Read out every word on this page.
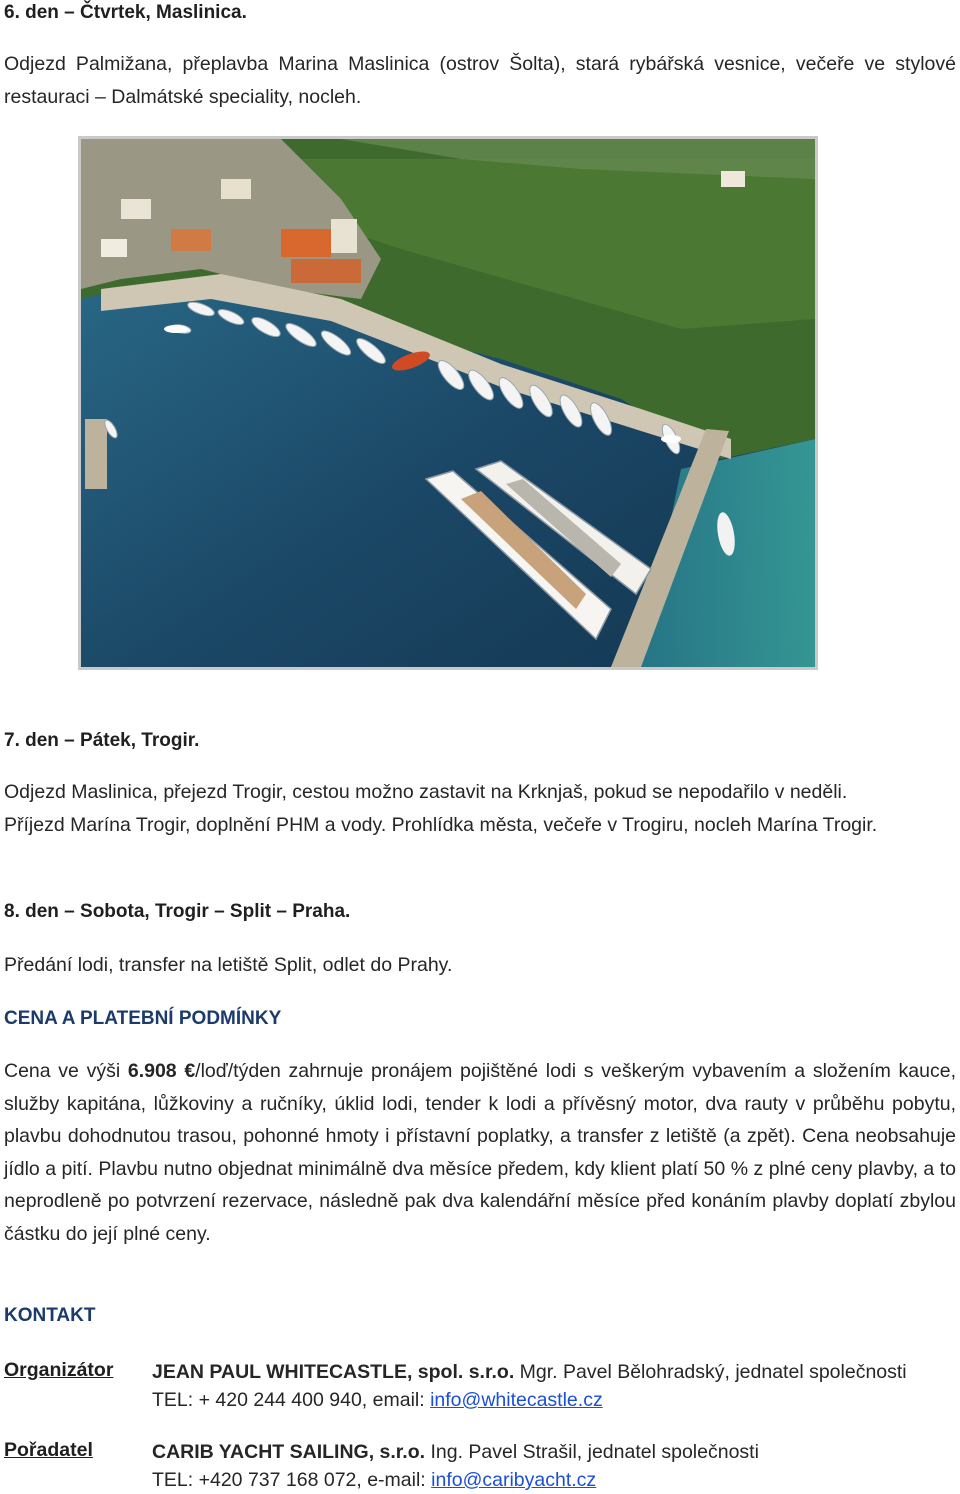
6. den – Čtvrtek, Maslinica.
Odjezd Palmižana, přeplavba Marina Maslinica (ostrov Šolta), stará rybářská vesnice, večeře ve stylové restauraci – Dalmátské speciality, nocleh.
7. den – Pátek, Trogir.
Odjezd Maslinica, přejezd Trogir, cestou možno zastavit na Krknjaš, pokud se nepodařilo v neděli.
Příjezd Marína Trogir, doplnění PHM a vody. Prohlídka města, večeře v Trogiru, nocleh Marína Trogir.
8. den – Sobota, Trogir – Split – Praha.
Předání lodi, transfer na letiště Split, odlet do Prahy.
CENA A PLATEBNÍ PODMÍNKY
Cena ve výši 6.908 €/loď/týden zahrnuje pronájem pojištěné lodi s veškerým vybavením a složením kauce, služby kapitána, lůžkoviny a ručníky, úklid lodi, tender k lodi a přívěsný motor, dva rauty v průběhu pobytu, plavbu dohodnutou trasou, pohonné hmoty i přístavní poplatky, a transfer z letiště (a zpět). Cena neobsahuje jídlo a pití. Plavbu nutno objednat minimálně dva měsíce předem, kdy klient platí 50 % z plné ceny plavby, a to neprodleně po potvrzení rezervace, následně pak dva kalendářní měsíce před konáním plavby doplatí zbylou částku do její plné ceny.
KONTAKT
Organizátor JEAN PAUL WHITECASTLE, spol. s.r.o. Mgr. Pavel Bělohradský, jednatel společnosti
TEL: + 420 244 400 940, email: info@whitecastle.cz
Pořadatel	CARIB YACHT SAILING, s.r.o. Ing. Pavel Strašil, jednatel společnosti
TEL: +420 737 168 072, e-mail: info@caribyacht.cz
